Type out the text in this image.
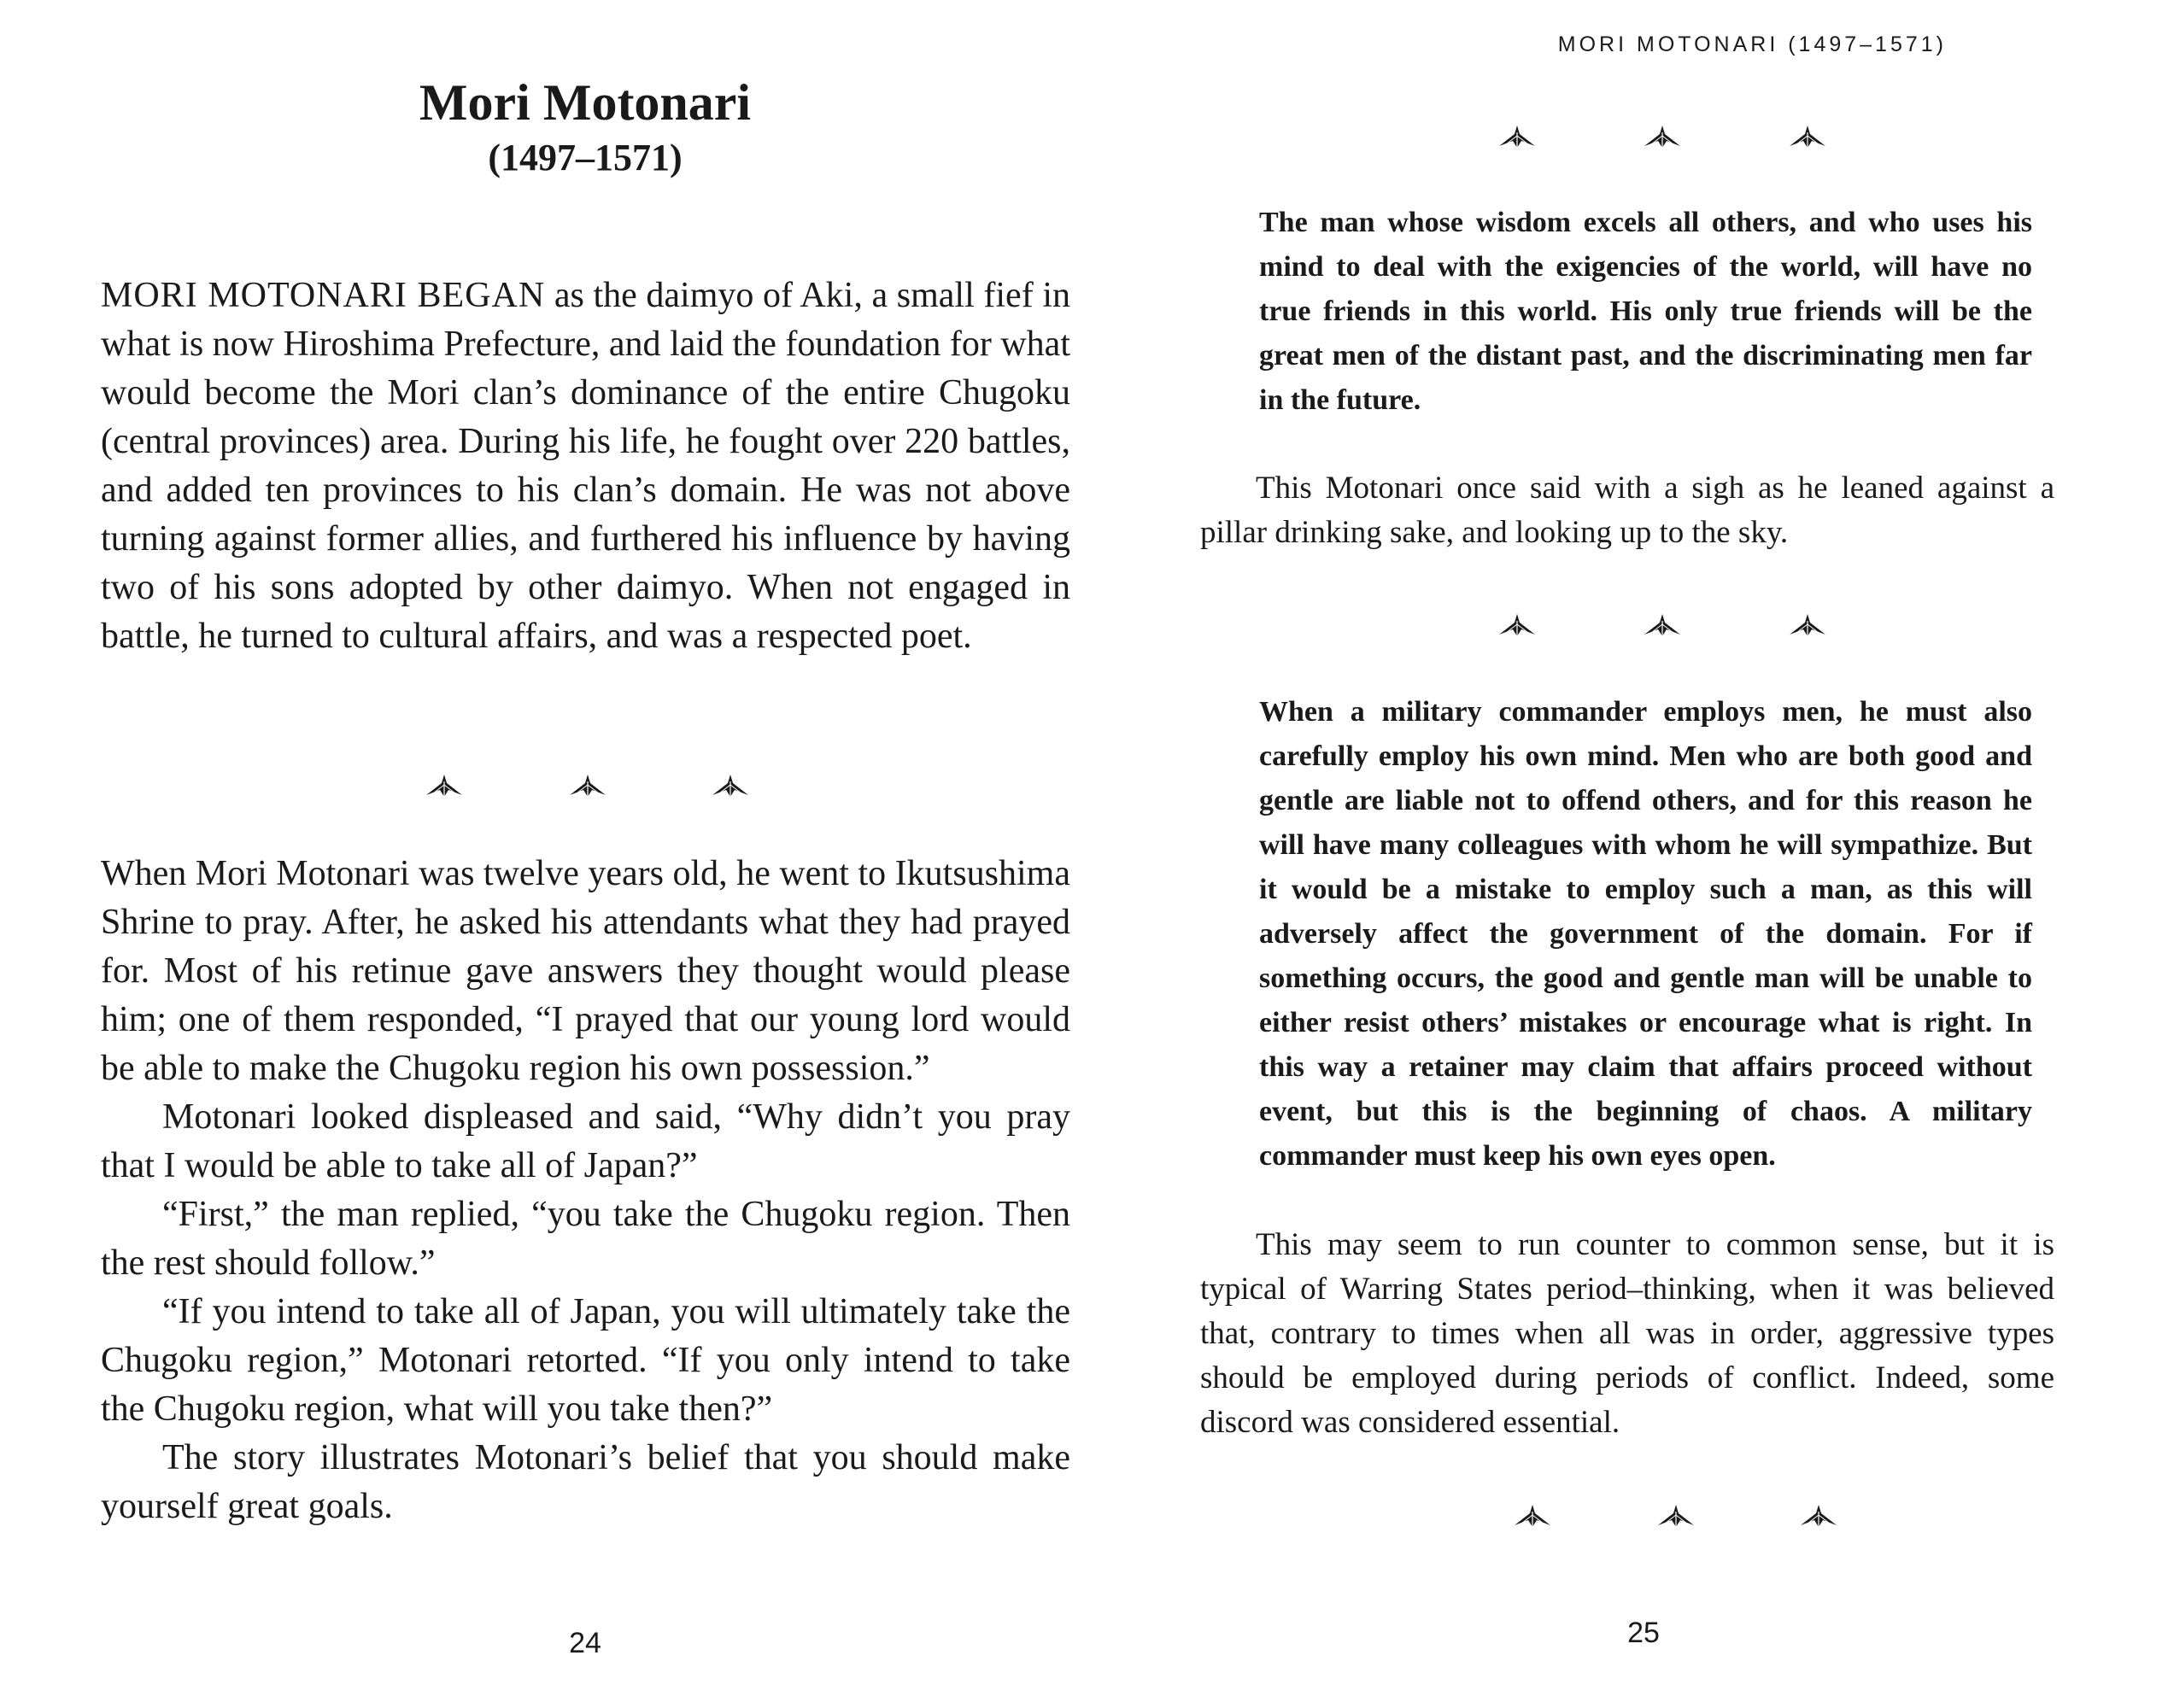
Mori Motonari
(1497–1571)

MORI MOTONARI BEGAN as the daimyo of Aki, a small fief in what is now Hiroshima Prefecture, and laid the foundation for what would become the Mori clan’s dominance of the entire Chugoku (central provinces) area. During his life, he fought over 220 battles, and added ten provinces to his clan’s domain. He was not above turning against former allies, and furthered his influence by having two of his sons adopted by other daimyo. When not engaged in battle, he turned to cultural affairs, and was a respected poet.

When Mori Motonari was twelve years old, he went to Ikutsushima Shrine to pray. After, he asked his attendants what they had prayed for. Most of his retinue gave answers they thought would please him; one of them responded, “I prayed that our young lord would be able to make the Chugoku region his own possession.”

Motonari looked displeased and said, “Why didn’t you pray that I would be able to take all of Japan?”

“First,” the man replied, “you take the Chugoku region. Then the rest should follow.”

“If you intend to take all of Japan, you will ultimately take the Chugoku region,” Motonari retorted. “If you only intend to take the Chugoku region, what will you take then?”

The story illustrates Motonari’s belief that you should make yourself great goals.

24
MORI MOTONARI (1497–1571)

The man whose wisdom excels all others, and who uses his mind to deal with the exigencies of the world, will have no true friends in this world. His only true friends will be the great men of the distant past, and the discriminating men far in the future.

This Motonari once said with a sigh as he leaned against a pillar drinking sake, and looking up to the sky.

When a military commander employs men, he must also carefully employ his own mind. Men who are both good and gentle are liable not to offend others, and for this reason he will have many colleagues with whom he will sympathize. But it would be a mistake to employ such a man, as this will adversely affect the government of the domain. For if something occurs, the good and gentle man will be unable to either resist others’ mistakes or encourage what is right. In this way a retainer may claim that affairs proceed without event, but this is the beginning of chaos. A military commander must keep his own eyes open.

This may seem to run counter to common sense, but it is typical of Warring States period–thinking, when it was believed that, contrary to times when all was in order, aggressive types should be employed during periods of conflict. Indeed, some discord was considered essential.

25
